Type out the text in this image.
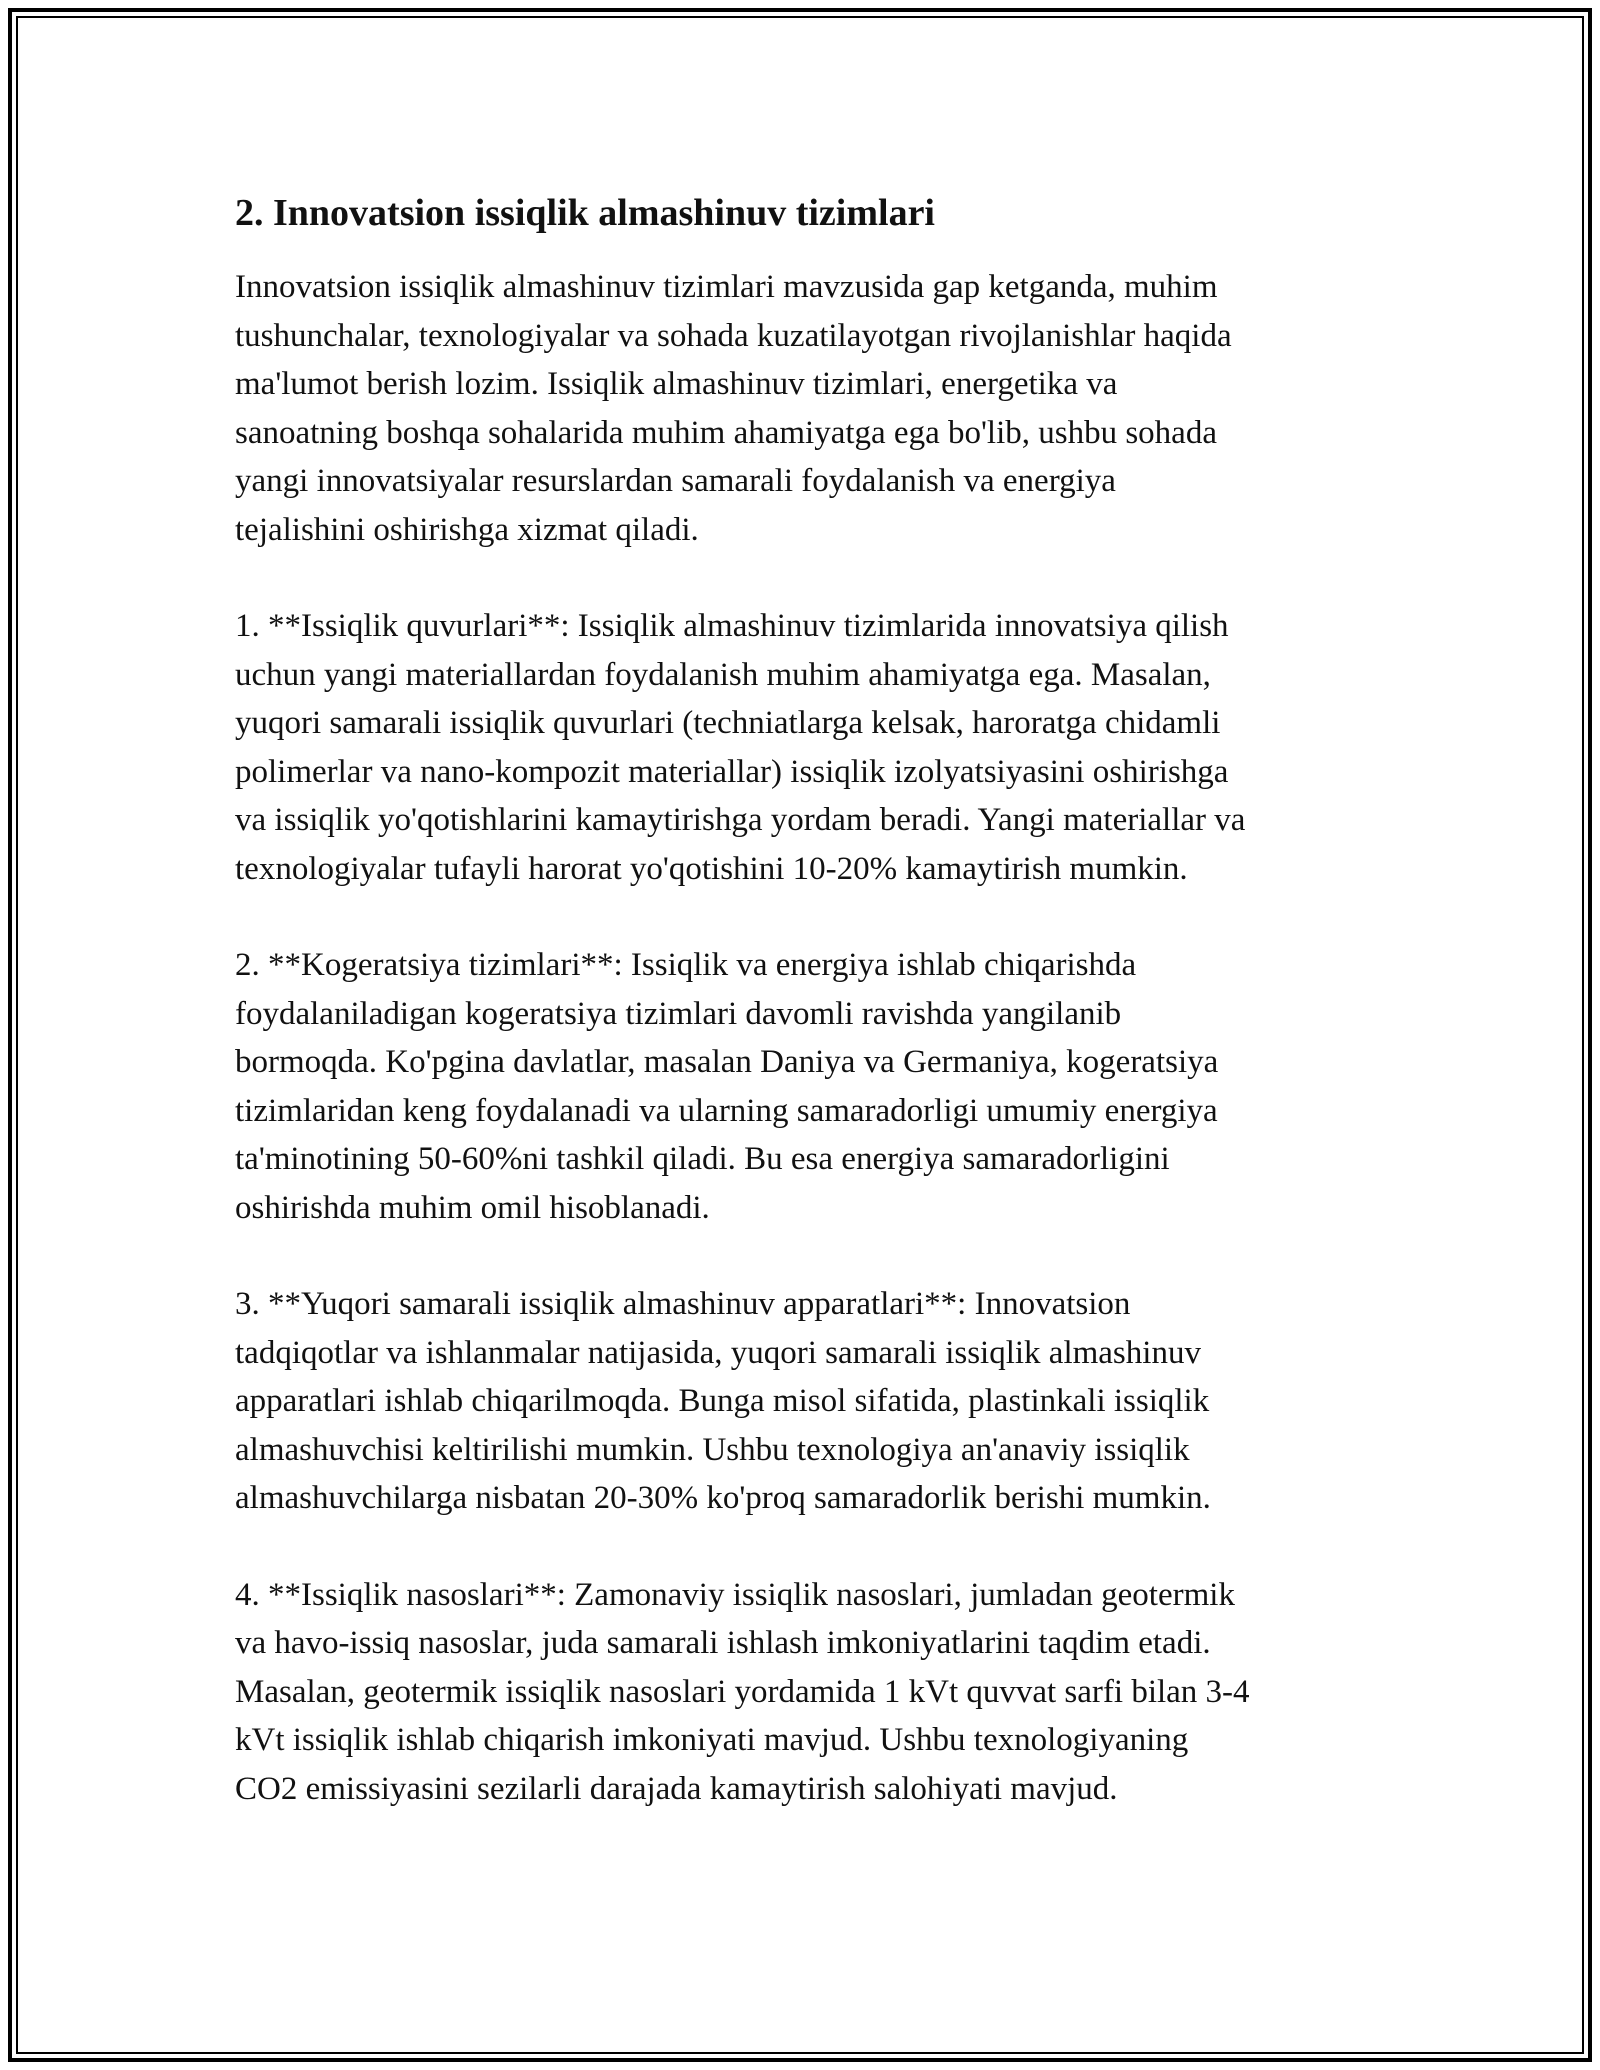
2. Innovatsion issiqlik almashinuv tizimlari
Innovatsion issiqlik almashinuv tizimlari mavzusida gap ketganda, muhim
tushunchalar, texnologiyalar va sohada kuzatilayotgan rivojlanishlar haqida
ma'lumot berish lozim. Issiqlik almashinuv tizimlari, energetika va
sanoatning boshqa sohalarida muhim ahamiyatga ega bo'lib, ushbu sohada
yangi innovatsiyalar resurslardan samarali foydalanish va energiya
tejalishini oshirishga xizmat qiladi.
1. **Issiqlik quvurlari**: Issiqlik almashinuv tizimlarida innovatsiya qilish
uchun yangi materiallardan foydalanish muhim ahamiyatga ega. Masalan,
yuqori samarali issiqlik quvurlari (techniatlarga kelsak, haroratga chidamli
polimerlar va nano-kompozit materiallar) issiqlik izolyatsiyasini oshirishga
va issiqlik yo'qotishlarini kamaytirishga yordam beradi. Yangi materiallar va
texnologiyalar tufayli harorat yo'qotishini 10-20% kamaytirish mumkin.
2. **Kogeratsiya tizimlari**: Issiqlik va energiya ishlab chiqarishda
foydalaniladigan kogeratsiya tizimlari davomli ravishda yangilanib
bormoqda. Ko'pgina davlatlar, masalan Daniya va Germaniya, kogeratsiya
tizimlaridan keng foydalanadi va ularning samaradorligi umumiy energiya
ta'minotining 50-60%ni tashkil qiladi. Bu esa energiya samaradorligini
oshirishda muhim omil hisoblanadi.
3. **Yuqori samarali issiqlik almashinuv apparatlari**: Innovatsion
tadqiqotlar va ishlanmalar natijasida, yuqori samarali issiqlik almashinuv
apparatlari ishlab chiqarilmoqda. Bunga misol sifatida, plastinkali issiqlik
almashuvchisi keltirilishi mumkin. Ushbu texnologiya an'anaviy issiqlik
almashuvchilarga nisbatan 20-30% ko'proq samaradorlik berishi mumkin.
4. **Issiqlik nasoslari**: Zamonaviy issiqlik nasoslari, jumladan geotermik
va havo-issiq nasoslar, juda samarali ishlash imkoniyatlarini taqdim etadi.
Masalan, geotermik issiqlik nasoslari yordamida 1 kVt quvvat sarfi bilan 3-4
kVt issiqlik ishlab chiqarish imkoniyati mavjud. Ushbu texnologiyaning
CO2 emissiyasini sezilarli darajada kamaytirish salohiyati mavjud.
